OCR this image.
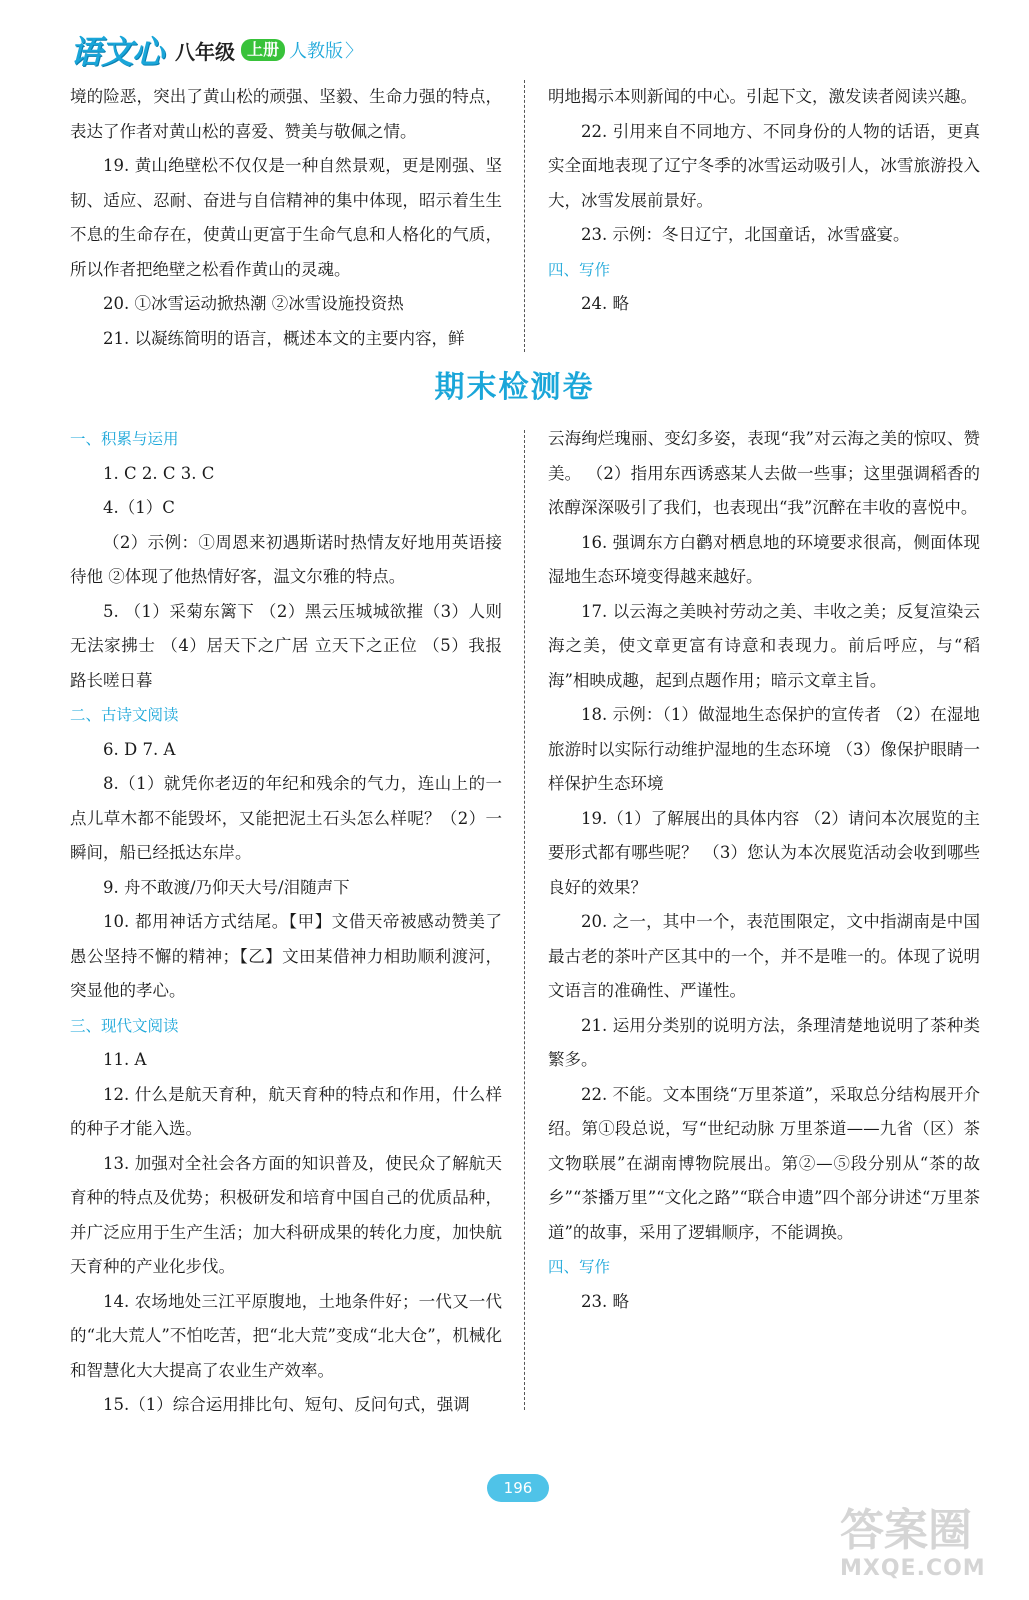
语文心 八年级 上册 人教版 〉

境的险恶，突出了黄山松的顽强、坚毅、生命力强的特点，表达了作者对黄山松的喜爱、赞美与敬佩之情。

19. 黄山绝壁松不仅仅是一种自然景观，更是刚强、坚韧、适应、忍耐、奋进与自信精神的集中体现，昭示着生生不息的生命存在，使黄山更富于生命气息和人格化的气质，所以作者把绝壁之松看作黄山的灵魂。

20. ①冰雪运动掀热潮 ②冰雪设施投资热

21. 以凝练简明的语言，概述本文的主要内容，鲜

明地揭示本则新闻的中心。引起下文，激发读者阅读兴趣。

22. 引用来自不同地方、不同身份的人物的话语，更真实全面地表现了辽宁冬季的冰雪运动吸引人，冰雪旅游投入大，冰雪发展前景好。

23. 示例：冬日辽宁，北国童话，冰雪盛宴。

四、写作

24. 略

期末检测卷

一、积累与运用

1. C 2. C 3. C

4.（1）C

（2）示例：①周恩来初遇斯诺时热情友好地用英语接待他 ②体现了他热情好客，温文尔雅的特点。

5. （1）采菊东篱下 （2）黑云压城城欲摧（3）人则无法家拂士 （4）居天下之广居 立天下之正位 （5）我报路长嗟日暮

二、古诗文阅读

6. D 7. A

8.（1）就凭你老迈的年纪和残余的气力，连山上的一点儿草木都不能毁坏，又能把泥土石头怎么样呢？（2）一瞬间，船已经抵达东岸。

9. 舟不敢渡/乃仰天大号/泪随声下

10. 都用神话方式结尾。【甲】文借天帝被感动赞美了愚公坚持不懈的精神；【乙】文田某借神力相助顺利渡河，突显他的孝心。

三、现代文阅读

11. A

12. 什么是航天育种，航天育种的特点和作用，什么样的种子才能入选。

13. 加强对全社会各方面的知识普及，使民众了解航天育种的特点及优势；积极研发和培育中国自己的优质品种，并广泛应用于生产生活；加大科研成果的转化力度，加快航天育种的产业化步伐。

14. 农场地处三江平原腹地，土地条件好；一代又一代的“北大荒人”不怕吃苦，把“北大荒”变成“北大仓”，机械化和智慧化大大提高了农业生产效率。

15.（1）综合运用排比句、短句、反问句式，强调

云海绚烂瑰丽、变幻多姿，表现“我”对云海之美的惊叹、赞美。 （2）指用东西诱惑某人去做一些事；这里强调稻香的浓醇深深吸引了我们，也表现出“我”沉醉在丰收的喜悦中。

16. 强调东方白鹳对栖息地的环境要求很高，侧面体现湿地生态环境变得越来越好。

17. 以云海之美映衬劳动之美、丰收之美；反复渲染云海之美，使文章更富有诗意和表现力。前后呼应，与“稻海”相映成趣，起到点题作用；暗示文章主旨。

18. 示例：（1）做湿地生态保护的宣传者 （2）在湿地旅游时以实际行动维护湿地的生态环境 （3）像保护眼睛一样保护生态环境

19.（1）了解展出的具体内容 （2）请问本次展览的主要形式都有哪些呢？ （3）您认为本次展览活动会收到哪些良好的效果？

20. 之一，其中一个，表范围限定，文中指湖南是中国最古老的茶叶产区其中的一个，并不是唯一的。体现了说明文语言的准确性、严谨性。

21. 运用分类别的说明方法，条理清楚地说明了茶种类繁多。

22. 不能。文本围绕“万里茶道”，采取总分结构展开介绍。第①段总说，写“世纪动脉 万里茶道——九省（区）茶文物联展”在湖南博物院展出。第②—⑤段分别从“茶的故乡”“茶播万里”“文化之路”“联合申遗”四个部分讲述“万里茶道”的故事，采用了逻辑顺序，不能调换。

四、写作

23. 略

196
答案圈
MXQE.COM
